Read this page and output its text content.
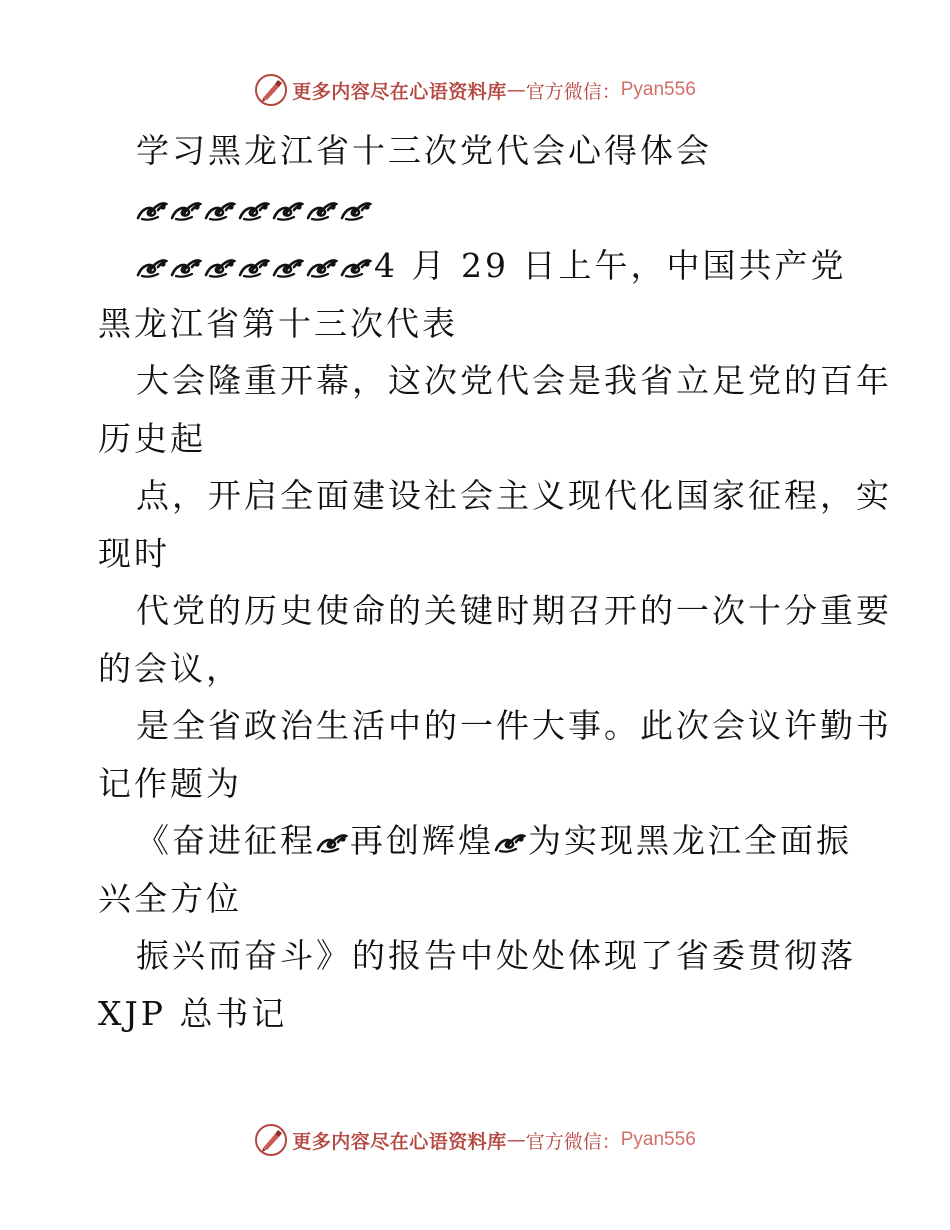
更多内容尽在心语资料库 — 官方微信： Pyan556
学习黑龙江省十三次党代会心得体会
4 月 29 日上午，中国共产党
黑龙江省第十三次代表
大会隆重开幕，这次党代会是我省立足党的百年
历史起
点，开启全面建设社会主义现代化国家征程，实
现时
代党的历史使命的关键时期召开的一次十分重要
的会议，
是全省政治生活中的一件大事。此次会议许勤书
记作题为
《奋进征程 再创辉煌 为实现黑龙江全面振
兴全方位
振兴而奋斗》的报告中处处体现了省委贯彻落
XJP 总书记
更多内容尽在心语资料库 — 官方微信： Pyan556
